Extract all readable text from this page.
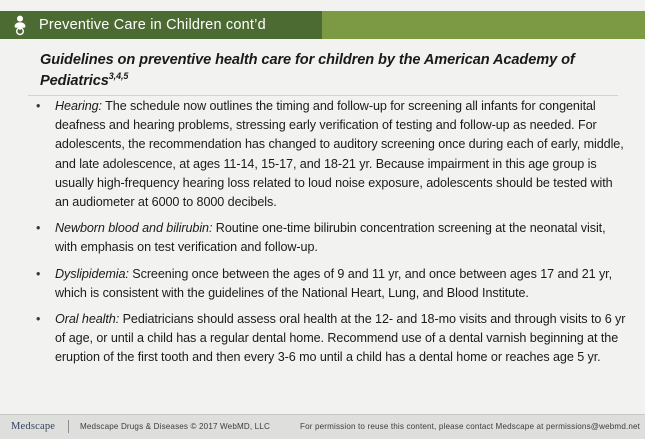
Preventive Care in Children cont’d
Guidelines on preventive health care for children by the American Academy of Pediatrics$^{3,4,5}$
• Hearing: The schedule now outlines the timing and follow-up for screening all infants for congenital deafness and hearing problems, stressing early verification of testing and follow-up as needed. For adolescents, the recommendation has changed to auditory screening once during each of early, middle, and late adolescence, at ages 11-14, 15-17, and 18-21 yr. Because impairment in this age group is usually high-frequency hearing loss related to loud noise exposure, adolescents should be tested with an audiometer at 6000 to 8000 decibels.
• Newborn blood and bilirubin: Routine one-time bilirubin concentration screening at the neonatal visit, with emphasis on test verification and follow-up.
• Dyslipidemia: Screening once between the ages of 9 and 11 yr, and once between ages 17 and 21 yr, which is consistent with the guidelines of the National Heart, Lung, and Blood Institute.
• Oral health: Pediatricians should assess oral health at the 12- and 18-mo visits and through visits to 6 yr of age, or until a child has a regular dental home. Recommend use of a dental varnish beginning at the eruption of the first tooth and then every 3-6 mo until a child has a dental home or reaches age 5 yr.
Medscape	Medscape Drugs & Diseases © 2017 WebMD, LLC	For permission to reuse this content, please contact Medscape at permissions@webmd.net
